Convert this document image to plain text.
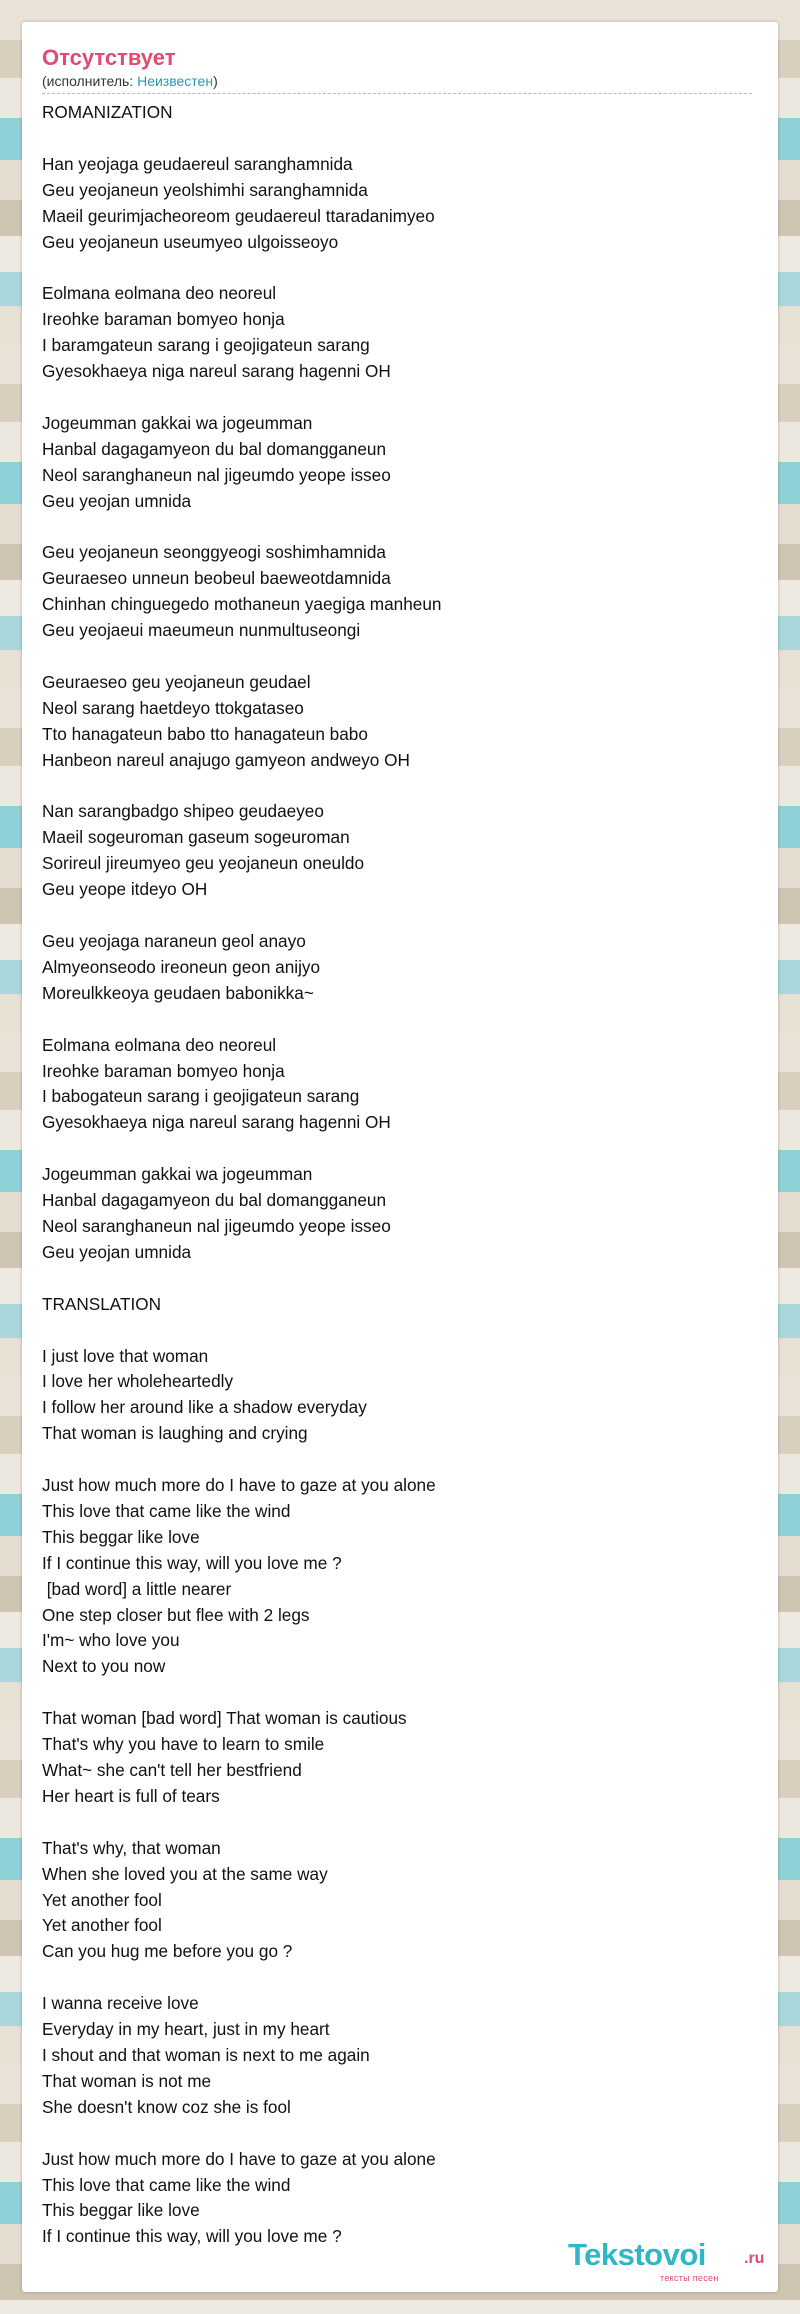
Отсутствует
(исполнитель: Неизвестен)
ROMANIZATION

Han yeojaga geudaereul saranghamnida
Geu yeojaneun yeolshimhi saranghamnida
Maeil geurimjacheoreom geudaereul ttaradanimyeo
Geu yeojaneun useumyeo ulgoisseoyo

Eolmana eolmana deo neoreul
Ireohke baraman bomyeo honja
I baramgateun sarang i geojigateun sarang
Gyesokhaeya niga nareul sarang hagenni OH

Jogeumman gakkai wa jogeumman
Hanbal dagagamyeon du bal domangganeun
Neol saranghaneun nal jigeumdo yeope isseo
Geu yeojan umnida

Geu yeojaneun seonggyeogi soshimhamnida
Geuraeseo unneun beobeul baeweotdamnida
Chinhan chinguegedo mothaneun yaegiga manheun
Geu yeojaeui maeumeun nunmultuseongi

Geuraeseo geu yeojaneun geudael
Neol sarang haetdeyo ttokgataseo
Tto hanagateun babo tto hanagateun babo
Hanbeon nareul anajugo gamyeon andweyo OH

Nan sarangbadgo shipeo geudaeyeo
Maeil sogeuroman gaseum sogeuroman
Sorireul jireumyeo geu yeojaneun oneuldo
Geu yeope itdeyo OH

Geu yeojaga naraneun geol anayo
Almyeonseodo ireoneun geon anijyo
Moreulkkeoya geudaen babonikka~

Eolmana eolmana deo neoreul
Ireohke baraman bomyeo honja
I babogateun sarang i geojigateun sarang
Gyesokhaeya niga nareul sarang hagenni OH

Jogeumman gakkai wa jogeumman
Hanbal dagagamyeon du bal domangganeun
Neol saranghaneun nal jigeumdo yeope isseo
Geu yeojan umnida

TRANSLATION

I just love that woman
I love her wholeheartedly
I follow her around like a shadow everyday
That woman is laughing and crying

Just how much more do I have to gaze at you alone
This love that came like the wind
This beggar like love
If I continue this way, will you love me ?
[bad word] a little nearer
One step closer but flee with 2 legs
I'm~ who love you
Next to you now

That woman [bad word] That woman is cautious
That's why you have to learn to smile
What~ she can't tell her bestfriend
Her heart is full of tears

That's why, that woman
When she loved you at the same way
Yet another fool
Yet another fool
Can you hug me before you go ?

I wanna receive love
Everyday in my heart, just in my heart
I shout and that woman is next to me again
That woman is not me
She doesn't know coz she is fool

Just how much more do I have to gaze at you alone
This love that came like the wind
This beggar like love
If I continue this way, will you love me ?
Tekstovoi .ru
тексты песен
